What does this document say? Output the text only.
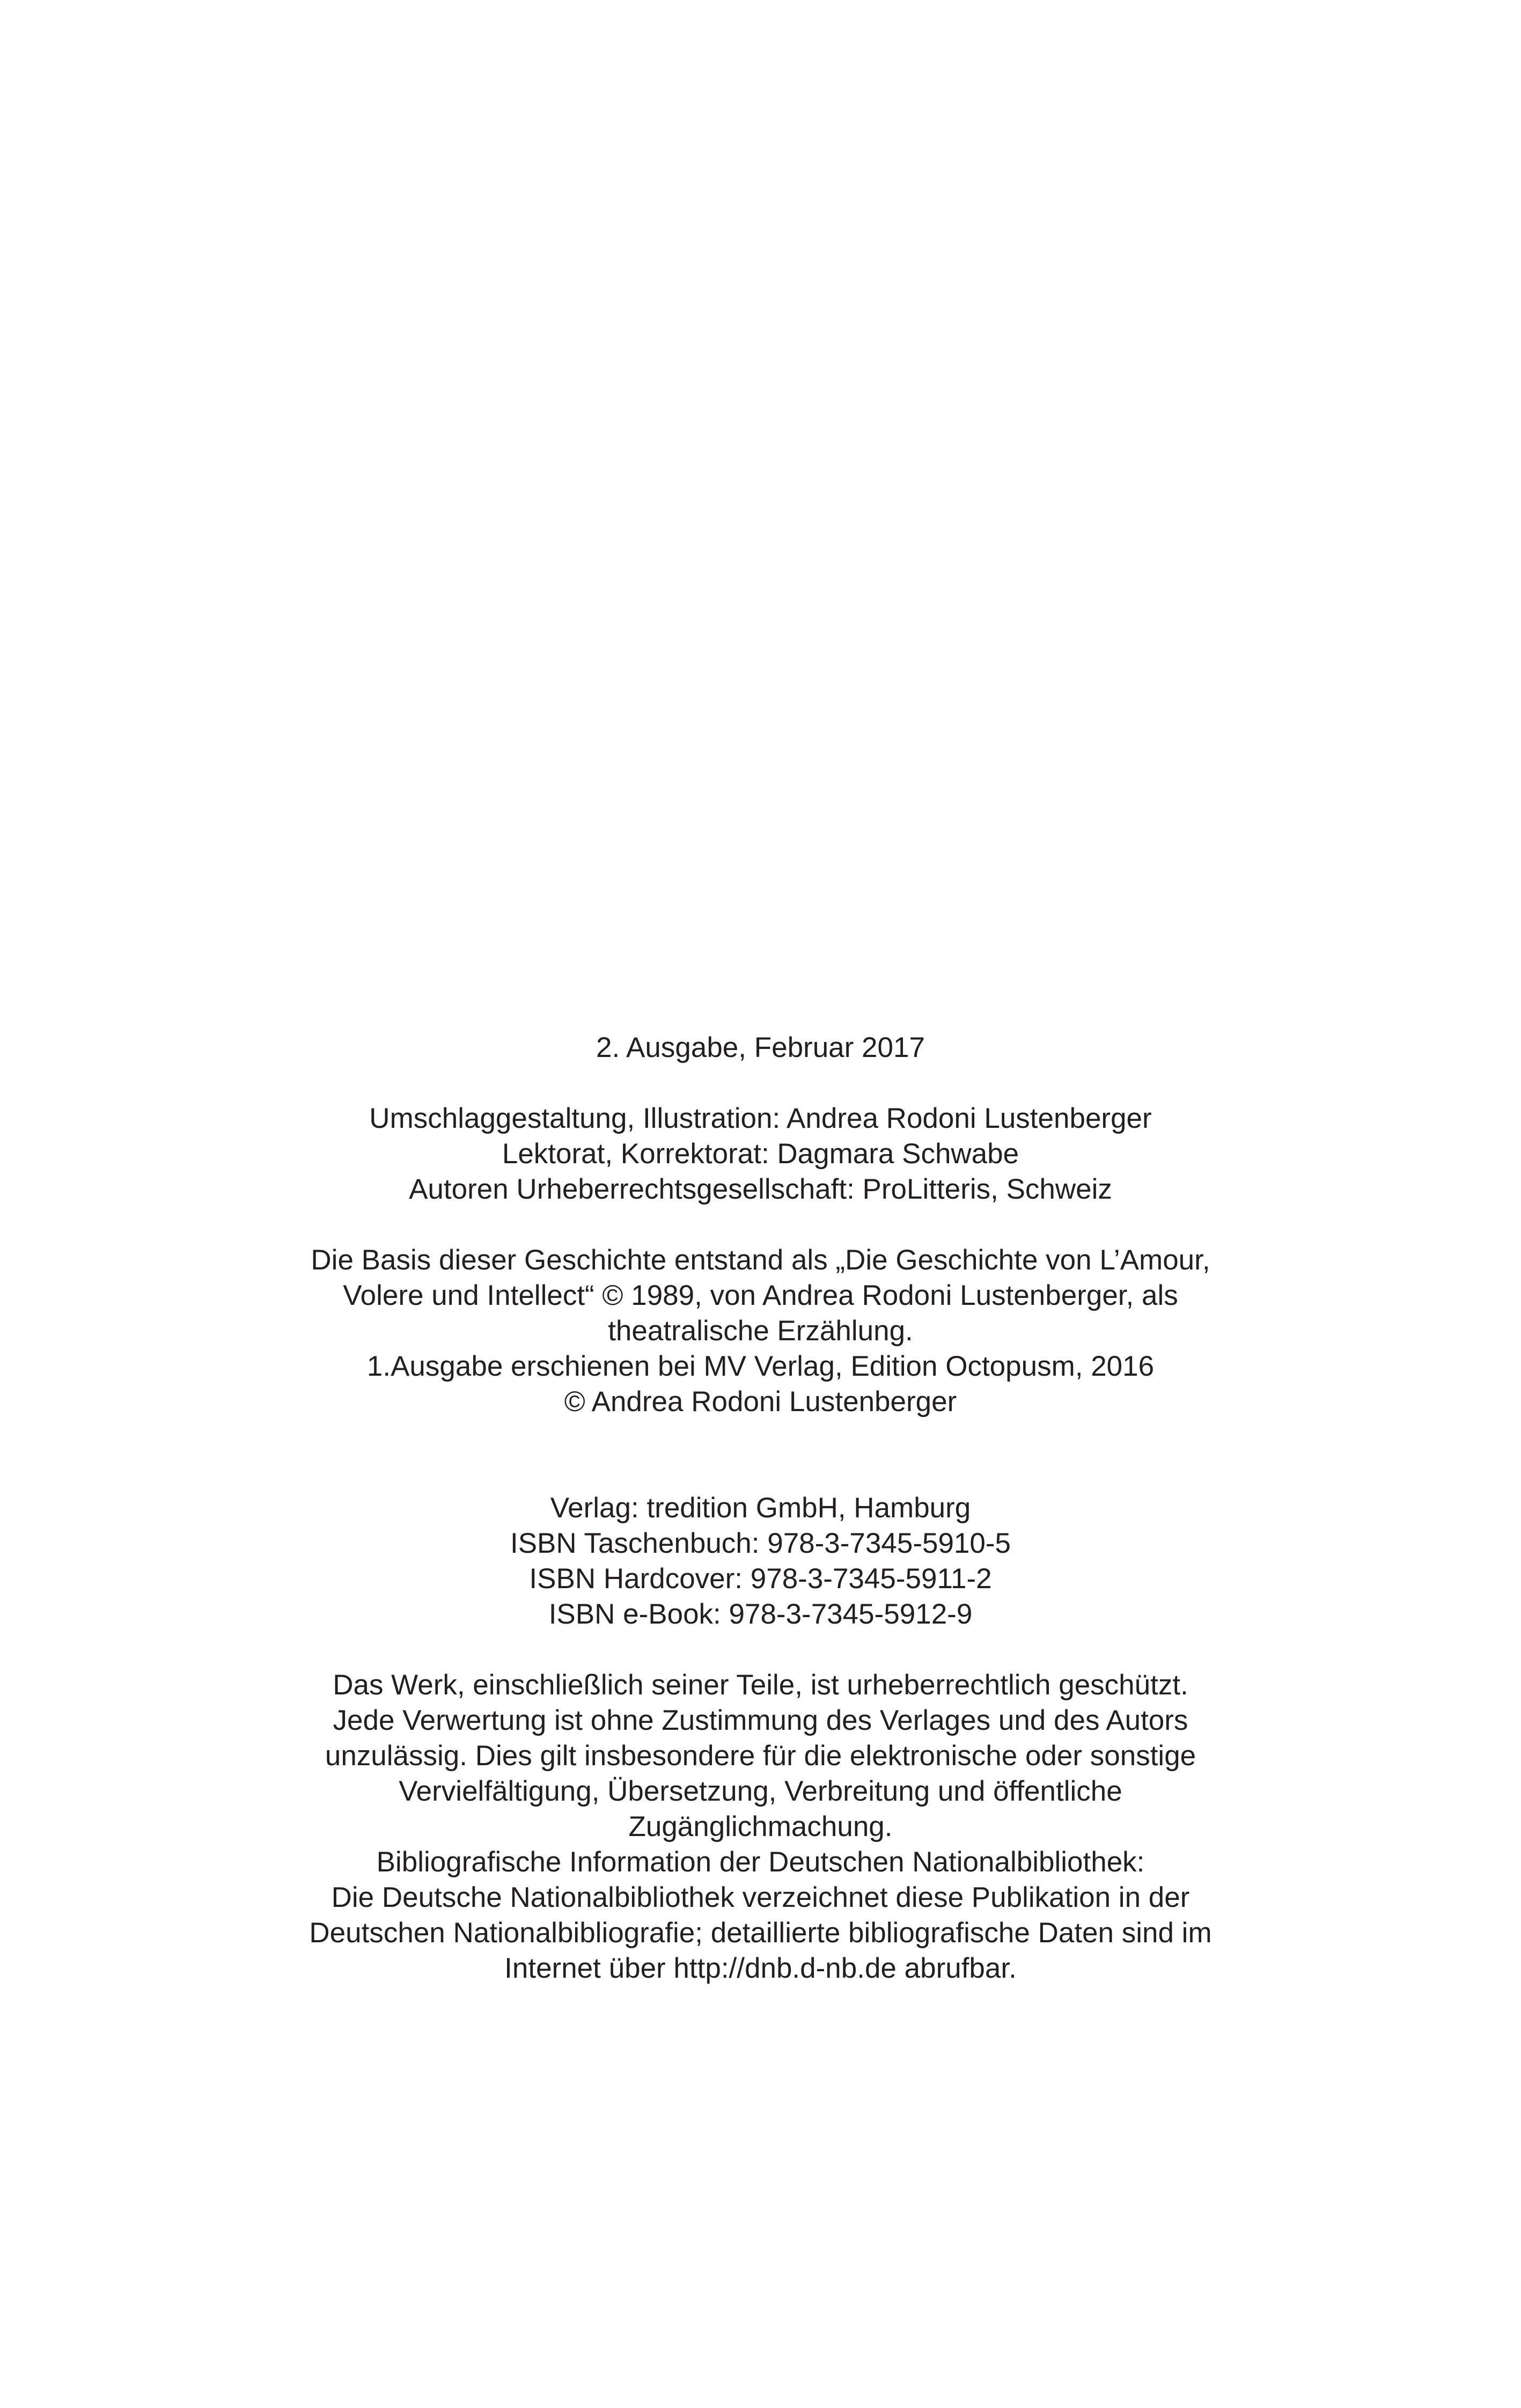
2. Ausgabe, Februar 2017
Umschlaggestaltung, Illustration: Andrea Rodoni Lustenberger
Lektorat, Korrektorat: Dagmara Schwabe
Autoren Urheberrechtsgesellschaft: ProLitteris, Schweiz
Die Basis dieser Geschichte entstand als „Die Geschichte von L’Amour,
Volere und Intellect“ © 1989, von Andrea Rodoni Lustenberger, als
theatralische Erzählung.
1.Ausgabe erschienen bei MV Verlag, Edition Octopusm, 2016
© Andrea Rodoni Lustenberger
Verlag: tredition GmbH, Hamburg
ISBN Taschenbuch: 978-3-7345-5910-5
ISBN Hardcover: 978-3-7345-5911-2
ISBN e-Book: 978-3-7345-5912-9
Das Werk, einschließlich seiner Teile, ist urheberrechtlich geschützt.
Jede Verwertung ist ohne Zustimmung des Verlages und des Autors
unzulässig. Dies gilt insbesondere für die elektronische oder sonstige
Vervielfältigung, Übersetzung, Verbreitung und öffentliche
Zugänglichmachung.
Bibliografische Information der Deutschen Nationalbibliothek:
Die Deutsche Nationalbibliothek verzeichnet diese Publikation in der
Deutschen Nationalbibliografie; detaillierte bibliografische Daten sind im
Internet über http://dnb.d-nb.de abrufbar.
